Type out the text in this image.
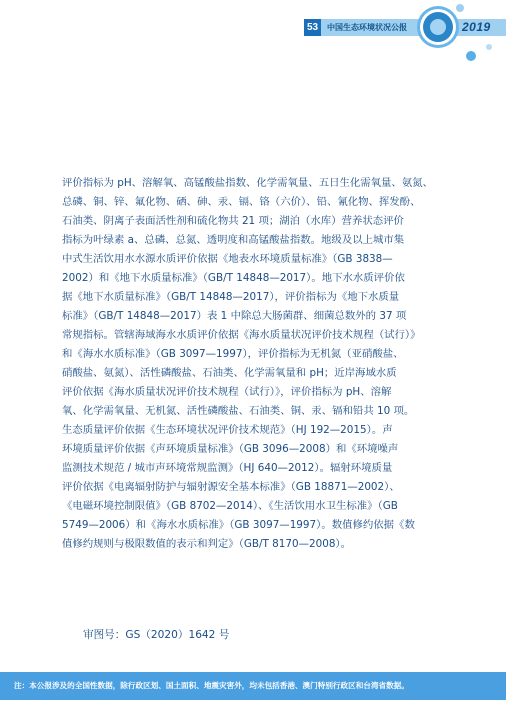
53	中国生态环境状况公报	2019
评价指标为 pH、溶解氧、高锰酸盐指数、化学需氧量、五日生化需氧量、氨氮、
总磷、铜、锌、氟化物、硒、砷、汞、镉、铬（六价）、铅、氰化物、挥发酚、
石油类、阴离子表面活性剂和硫化物共 21 项；湖泊（水库）营养状态评价
指标为叶绿素 a、总磷、总氮、透明度和高锰酸盐指数。地级及以上城市集
中式生活饮用水水源水质评价依据《地表水环境质量标准》（GB 3838—
2002）和《地下水质量标准》（GB/T 14848—2017）。地下水水质评价依
据《地下水质量标准》（GB/T 14848—2017），评价指标为《地下水质量
标准》（GB/T 14848—2017）表 1 中除总大肠菌群、细菌总数外的 37 项
常规指标。管辖海域海水水质评价依据《海水质量状况评价技术规程（试行）》
和《海水水质标准》（GB 3097—1997），评价指标为无机氮（亚硝酸盐、
硝酸盐、氨氮）、活性磷酸盐、石油类、化学需氧量和 pH；近岸海域水质
评价依据《海水质量状况评价技术规程（试行）》，评价指标为 pH、溶解
氧、化学需氧量、无机氮、活性磷酸盐、石油类、铜、汞、镉和铅共 10 项。
生态质量评价依据《生态环境状况评价技术规范》（HJ 192—2015）。声
环境质量评价依据《声环境质量标准》（GB 3096—2008）和《环境噪声
监测技术规范 / 城市声环境常规监测》（HJ 640—2012）。辐射环境质量
评价依据《电离辐射防护与辐射源安全基本标准》（GB 18871—2002）、
《电磁环境控制限值》（GB 8702—2014）、《生活饮用水卫生标准》（GB
5749—2006）和《海水水质标准》（GB 3097—1997）。数值修约依据《数
值修约规则与极限数值的表示和判定》（GB/T 8170—2008）。
审图号：GS（2020）1642 号
注：本公报涉及的全国性数据，除行政区划、国土面积、地震灾害外，均未包括香港、澳门特别行政区和台湾省数据。
